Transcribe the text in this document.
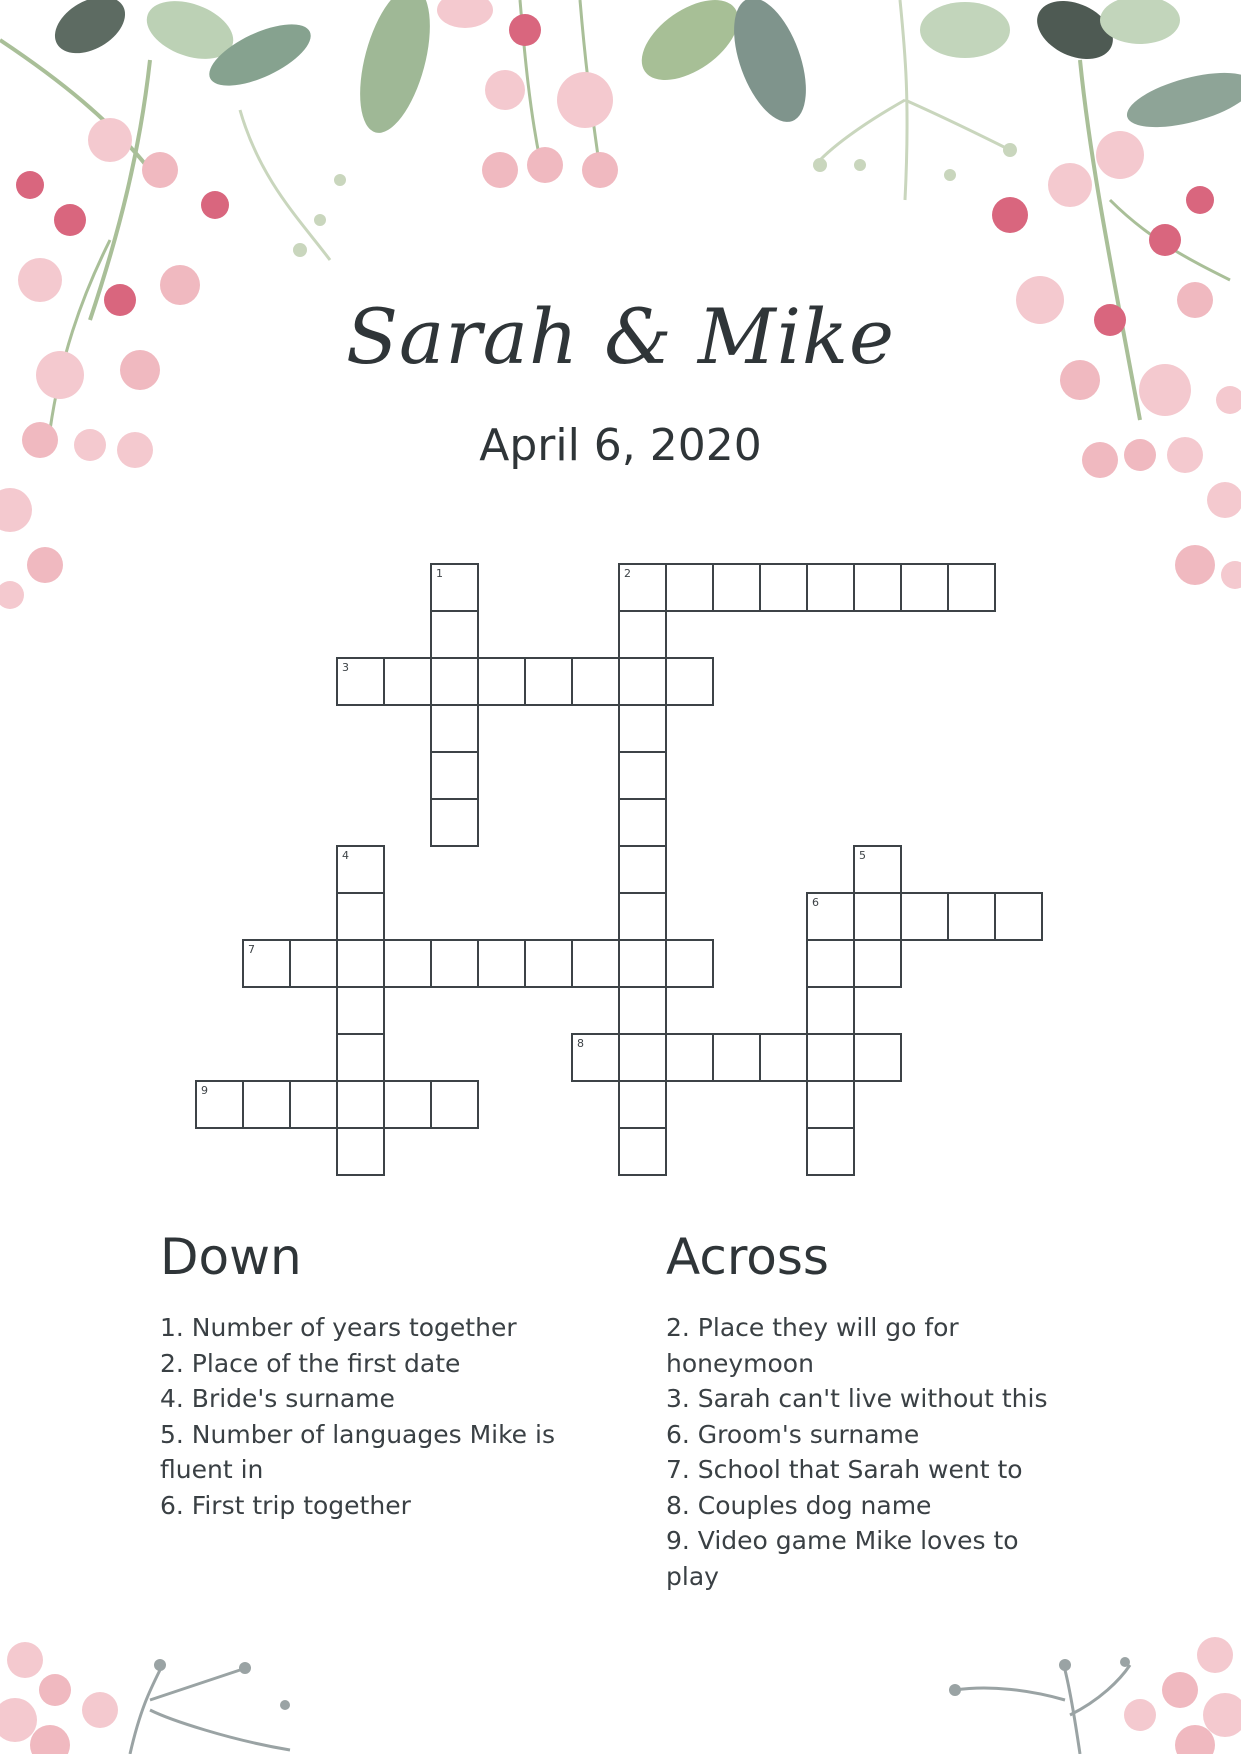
Sarah & Mike
April 6, 2020
1	2
3
4	5
6
7
8
9
Down
1. Number of years together
2. Place of the first date
4. Bride's surname
5. Number of languages Mike is fluent in
6. First trip together
Across
2. Place they will go for honeymoon
3. Sarah can't live without this
6. Groom's surname
7. School that Sarah went to
8. Couples dog name
9. Video game Mike loves to play
